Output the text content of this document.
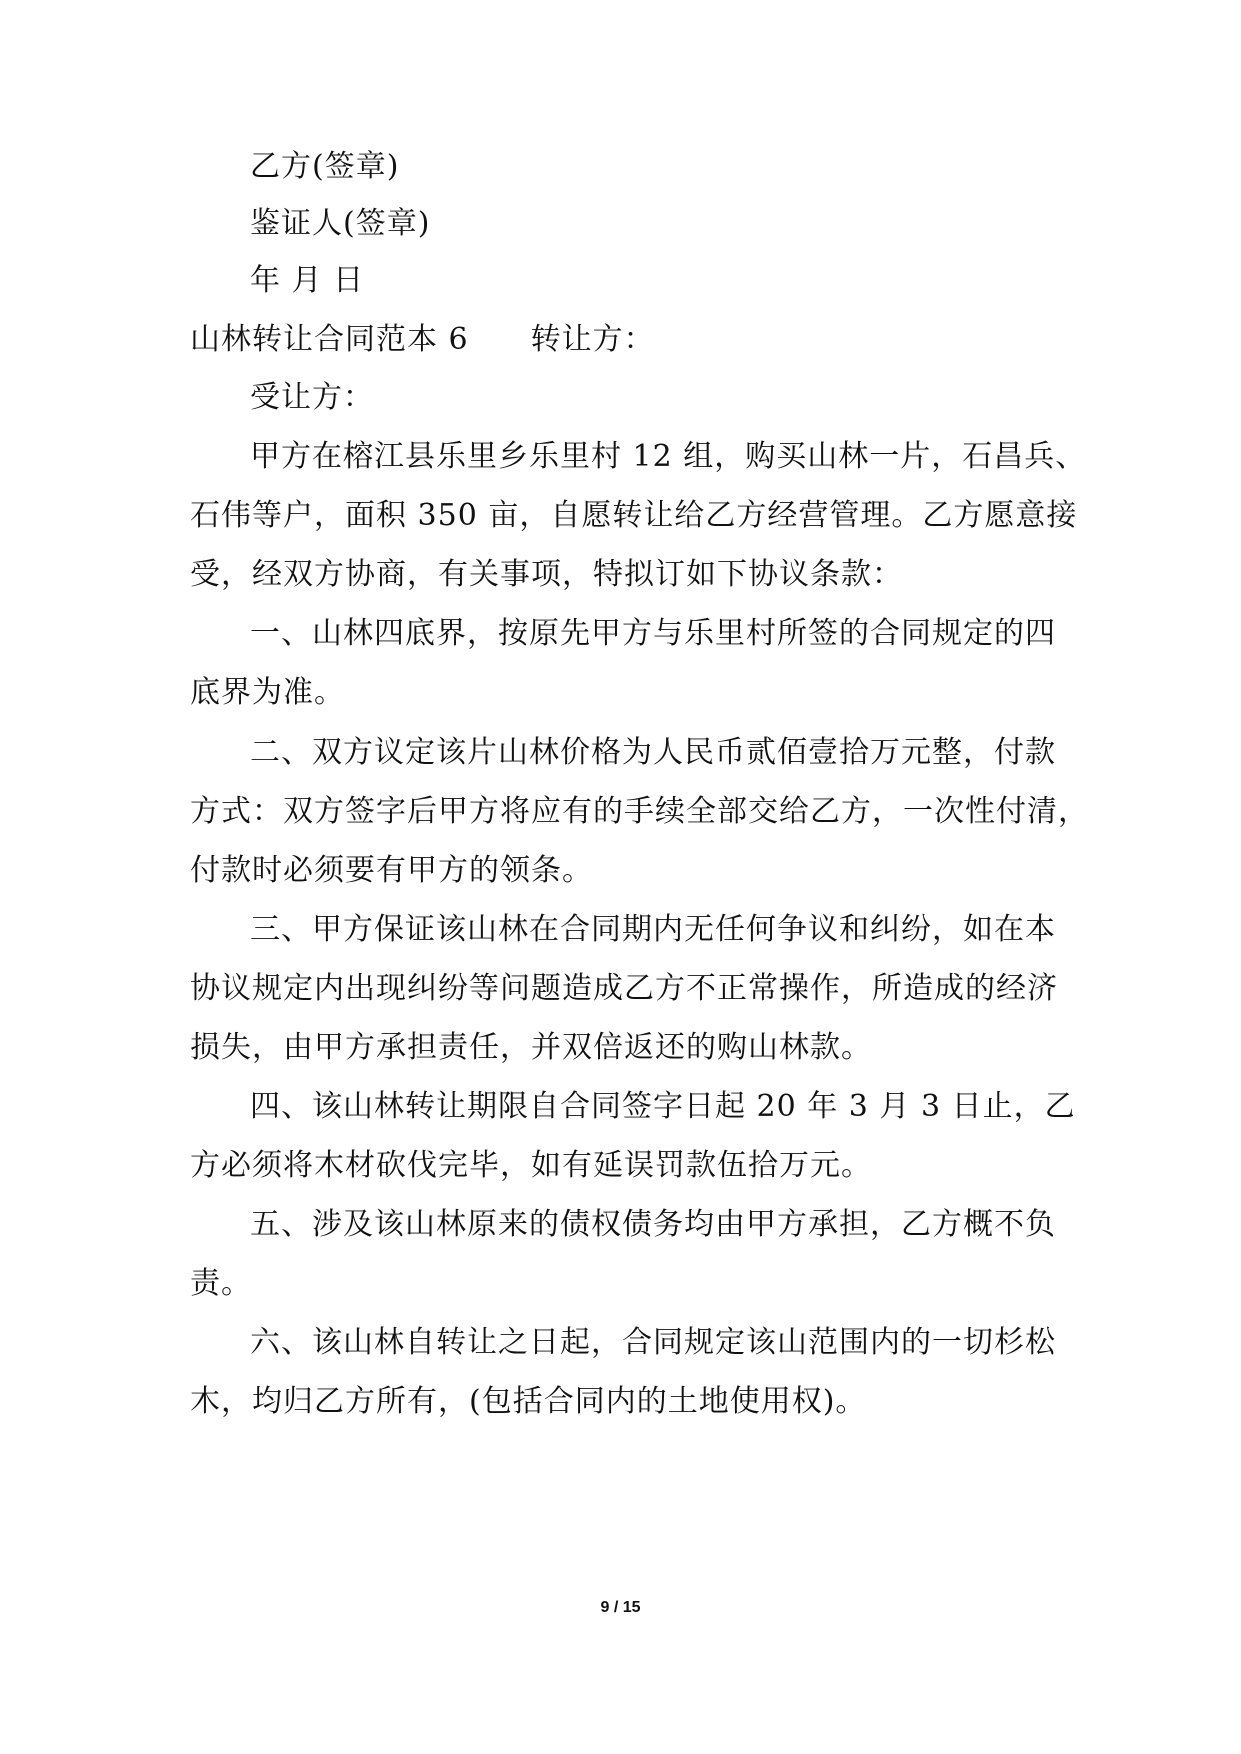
乙方(签章)
鉴证人(签章)
年 月 日
山林转让合同范本 6 转让方：
受让方：
甲方在榕江县乐里乡乐里村 12 组，购买山林一片，石昌兵、
石伟等户，面积 350 亩，自愿转让给乙方经营管理。乙方愿意接
受，经双方协商，有关事项，特拟订如下协议条款：
一、山林四底界，按原先甲方与乐里村所签的合同规定的四
底界为准。
二、双方议定该片山林价格为人民币贰佰壹拾万元整，付款
方式：双方签字后甲方将应有的手续全部交给乙方，一次性付清，
付款时必须要有甲方的领条。
三、甲方保证该山林在合同期内无任何争议和纠纷，如在本
协议规定内出现纠纷等问题造成乙方不正常操作，所造成的经济
损失，由甲方承担责任，并双倍返还的购山林款。
四、该山林转让期限自合同签字日起 20 年 3 月 3 日止，乙
方必须将木材砍伐完毕，如有延误罚款伍拾万元。
五、涉及该山林原来的债权债务均由甲方承担，乙方概不负
责。
六、该山林自转让之日起，合同规定该山范围内的一切杉松
木，均归乙方所有，(包括合同内的土地使用权)。
9 / 15
